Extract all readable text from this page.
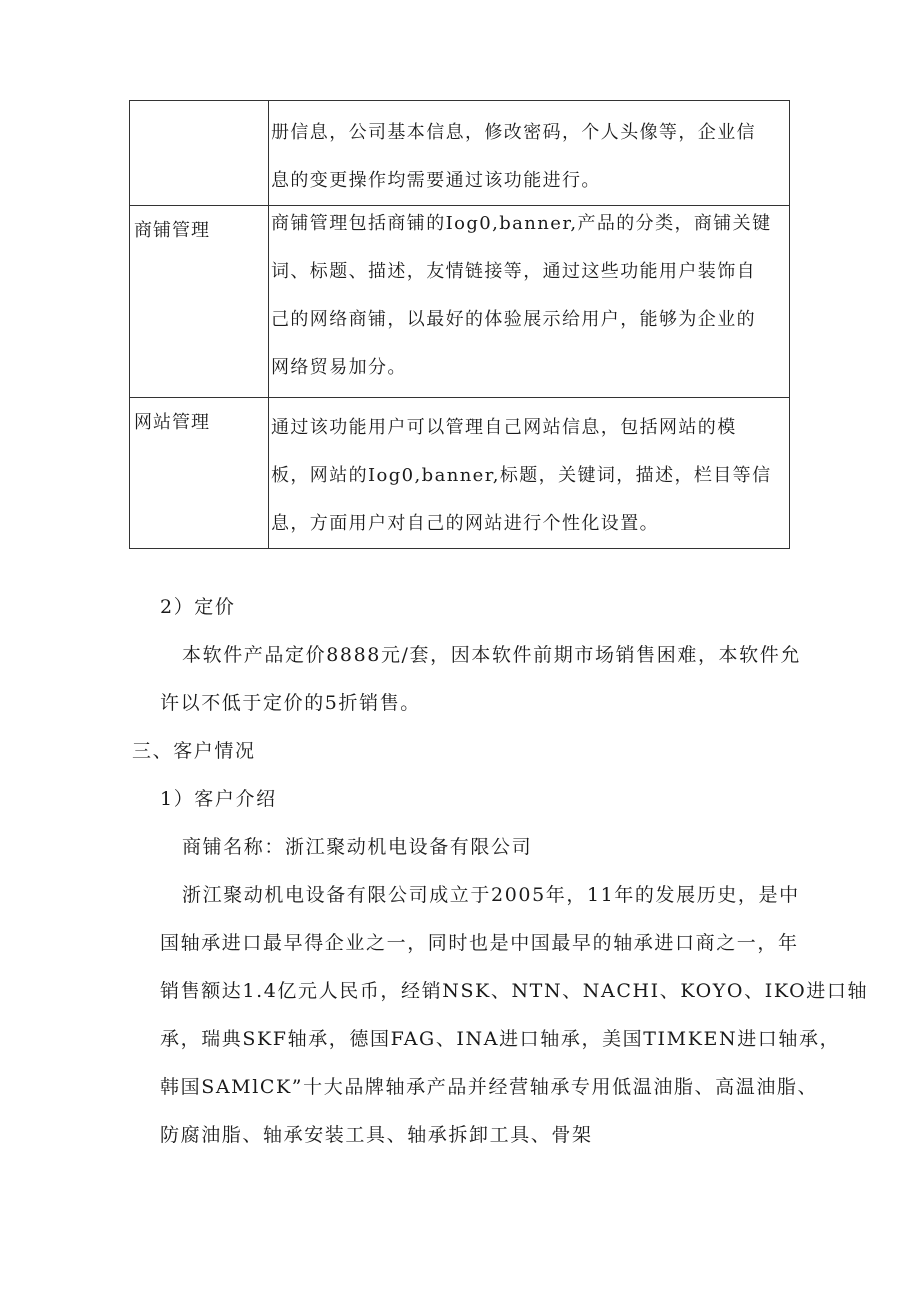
	册信息，公司基本信息，修改密码，个人头像等，企业信
息的变更操作均需要通过该功能进行。

商铺管理	商铺管理包括商铺的Iog0,banner,产品的分类，商铺关键
词、标题、描述，友情链接等，通过这些功能用户装饰自
己的网络商铺，以最好的体验展示给用户，能够为企业的
网络贸易加分。

网站管理	通过该功能用户可以管理自己网站信息，包括网站的模
板，网站的Iog0,banner,标题，关键词，描述，栏目等信
息，方面用户对自己的网站进行个性化设置。
2）定价
本软件产品定价8888元/套，因本软件前期市场销售困难，本软件允
许以不低于定价的5折销售。
三、客户情况
1）客户介绍
商铺名称：浙江聚动机电设备有限公司
浙江聚动机电设备有限公司成立于2005年，11年的发展历史，是中
国轴承进口最早得企业之一，同时也是中国最早的轴承进口商之一，年
销售额达1.4亿元人民币，经销NSK、NTN、NACHI、KOYO、IKO进口轴
承，瑞典SKF轴承，德国FAG、INA进口轴承，美国TIMKEN进口轴承，
韩国SAMlCK”十大品牌轴承产品并经营轴承专用低温油脂、高温油脂、
防腐油脂、轴承安装工具、轴承拆卸工具、骨架
